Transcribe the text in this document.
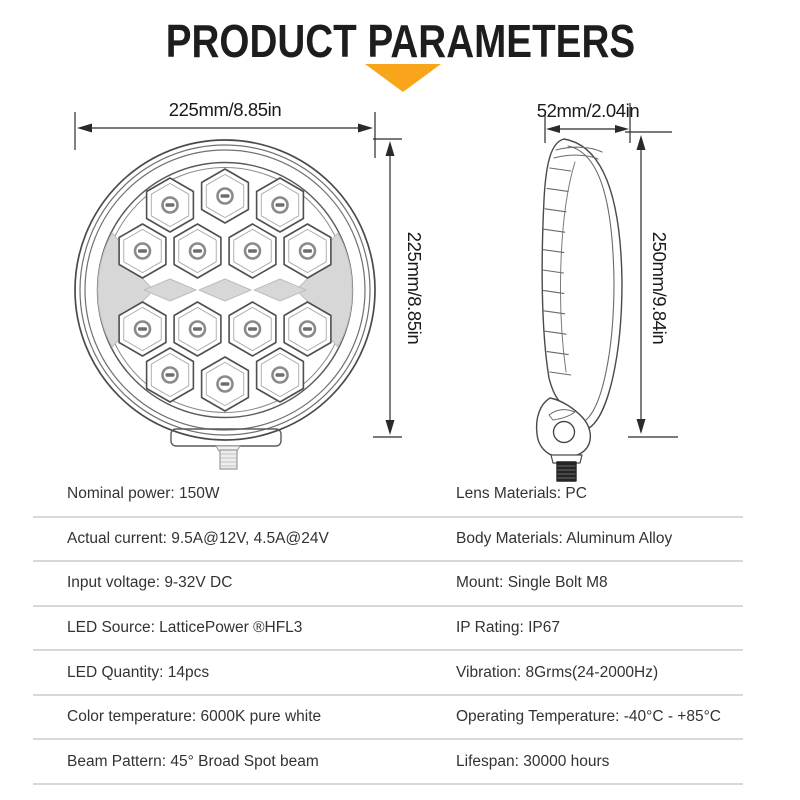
PRODUCT PARAMETERS
225mm/8.85in
225mm/8.85in
52mm/2.04in
250mm/9.84in
Nominal power: 150W	Lens Materials: PC
Actual current: 9.5A@12V, 4.5A@24V	Body Materials: Aluminum Alloy
Input voltage: 9-32V DC	Mount: Single Bolt M8
LED Source: LatticePower ®HFL3	IP Rating: IP67
LED Quantity: 14pcs	Vibration: 8Grms(24-2000Hz)
Color temperature: 6000K pure white	Operating Temperature: -40°C - +85°C
Beam Pattern: 45° Broad Spot beam	Lifespan: 30000 hours
